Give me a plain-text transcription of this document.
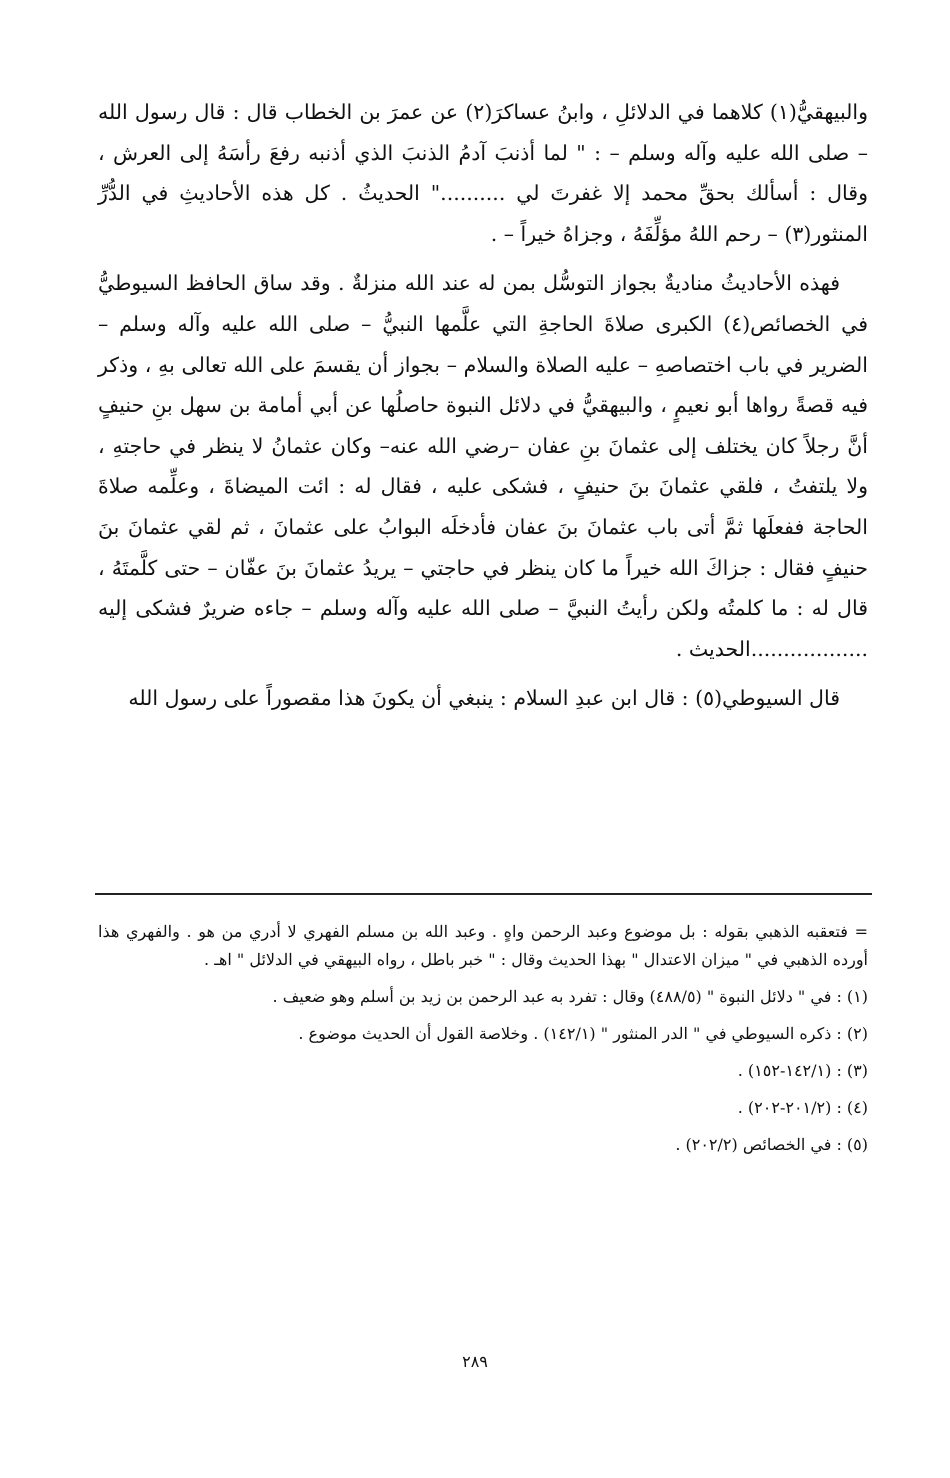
والبيهقيُّ(١) كلاهما في الدلائلِ ، وابنُ عساكرَ(٢) عن عمرَ بن الخطاب قال : قال رسول الله – صلى الله عليه وآله وسلم – : " لما أذنبَ آدمُ الذنبَ الذي أذنبه رفعَ رأسَهُ إلى العرش ، وقال : أسألك بحقِّ محمد إلا غفرتَ لي .........." الحديثُ . كل هذه الأحاديثِ في الدُّرِّ المنثور(٣) – رحم اللهُ مؤلِّفَهُ ، وجزاهُ خيراً – .

فهذه الأحاديثُ مناديةٌ بجواز التوسُّل بمن له عند الله منزلةٌ . وقد ساق الحافظ السيوطيُّ في الخصائص(٤) الكبرى صلاةَ الحاجةِ التي علَّمها النبيُّ – صلى الله عليه وآله وسلم – الضرير في باب اختصاصهِ – عليه الصلاة والسلام – بجواز أن يقسمَ على الله تعالى بهِ ، وذكر فيه قصةً رواها أبو نعيمٍ ، والبيهقيُّ في دلائل النبوة حاصلُها عن أبي أمامة بن سهل بنِ حنيفٍ أنَّ رجلاً كان يختلف إلى عثمانَ بنِ عفان –رضي الله عنه– وكان عثمانُ لا ينظر في حاجتهِ ، ولا يلتفتُ ، فلقي عثمانَ بنَ حنيفٍ ، فشكى عليه ، فقال له : ائت الميضاةَ ، وعلِّمه صلاةَ الحاجة ففعلَها ثمَّ أتى باب عثمانَ بنَ عفان فأدخلَه البوابُ على عثمانَ ، ثم لقي عثمانَ بنَ حنيفٍ فقال : جزاكَ الله خيراً ما كان ينظر في حاجتي – يريدُ عثمانَ بنَ عفّان – حتى كلَّمتَهُ ، قال له : ما كلمتُه ولكن رأيتُ النبيَّ – صلى الله عليه وآله وسلم – جاءه ضريرٌ فشكى إليه ..................الحديث .

قال السيوطي(٥) : قال ابن عبدِ السلام : ينبغي أن يكونَ هذا مقصوراً على رسول الله

= فتعقبه الذهبي بقوله : بل موضوع وعبد الرحمن واهٍ . وعبد الله بن مسلم الفهري لا أدري من هو . والفهري هذا أورده الذهبي في " ميزان الاعتدال " بهذا الحديث وقال : " خبر باطل ، رواه البيهقي في الدلائل " اهـ .

(١) : في " دلائل النبوة " (٤٨٨/٥) وقال : تفرد به عبد الرحمن بن زيد بن أسلم وهو ضعيف .

(٢) : ذكره السيوطي في " الدر المنثور " (١٤٢/١) . وخلاصة القول أن الحديث موضوع .

(٣) : (١٤٢/١-١٥٢) .

(٤) : (٢٠١/٢-٢٠٢) .

(٥) : في الخصائص (٢٠٢/٢) .

٢٨٩
